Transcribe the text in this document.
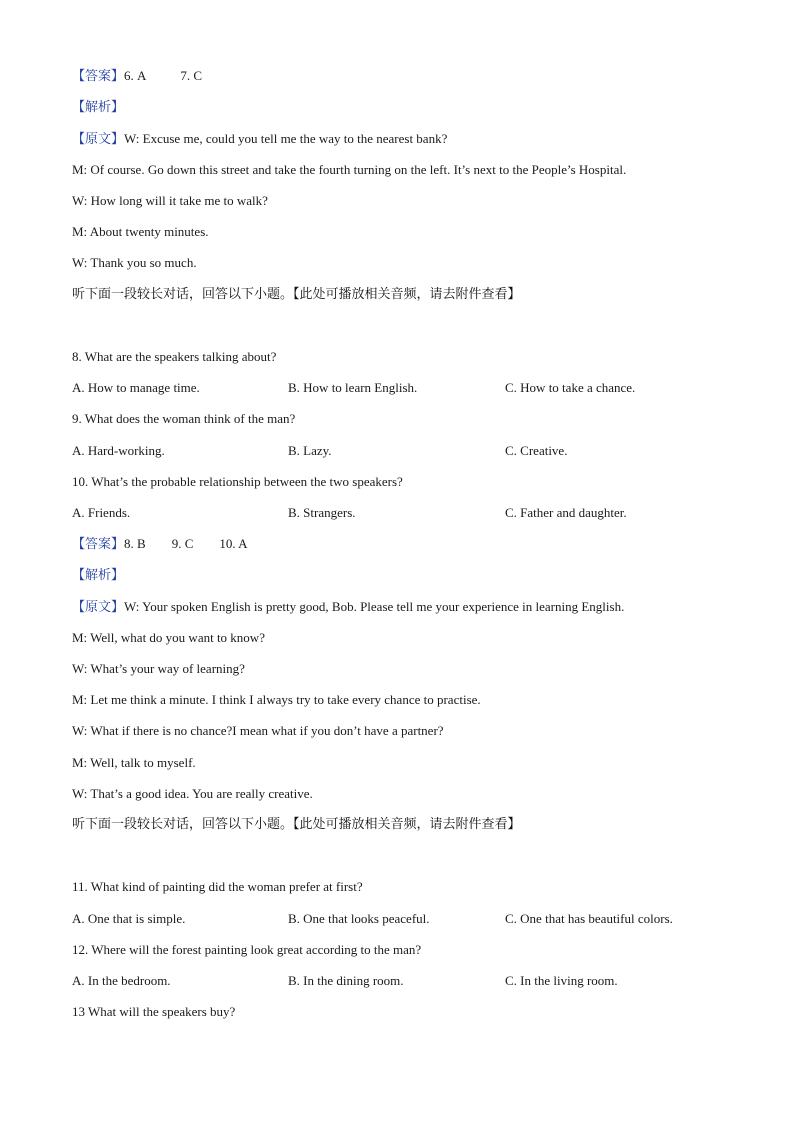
【答案】6. A	7. C
【解析】
【原文】W: Excuse me, could you tell me the way to the nearest bank?
M: Of course. Go down this street and take the fourth turning on the left. It’s next to the People’s Hospital.
W: How long will it take me to walk?
M: About twenty minutes.
W: Thank you so much.
听下面一段较长对话，回答以下小题。【此处可播放相关音频，请去附件查看】
8. What are the speakers talking about?
A. How to manage time.	B. How to learn English.	C. How to take a chance.
9. What does the woman think of the man?
A. Hard-working.	B. Lazy.	C. Creative.
10. What’s the probable relationship between the two speakers?
A. Friends.	B. Strangers.	C. Father and daughter.
【答案】8. B 9. C 10. A
【解析】
【原文】W: Your spoken English is pretty good, Bob. Please tell me your experience in learning English.
M: Well, what do you want to know?
W: What’s your way of learning?
M: Let me think a minute. I think I always try to take every chance to practise.
W: What if there is no chance?I mean what if you don’t have a partner?
M: Well, talk to myself.
W: That’s a good idea. You are really creative.
听下面一段较长对话，回答以下小题。【此处可播放相关音频，请去附件查看】
11. What kind of painting did the woman prefer at first?
A. One that is simple.	B. One that looks peaceful.	C. One that has beautiful colors.
12. Where will the forest painting look great according to the man?
A. In the bedroom.	B. In the dining room.	C. In the living room.
13 What will the speakers buy?
